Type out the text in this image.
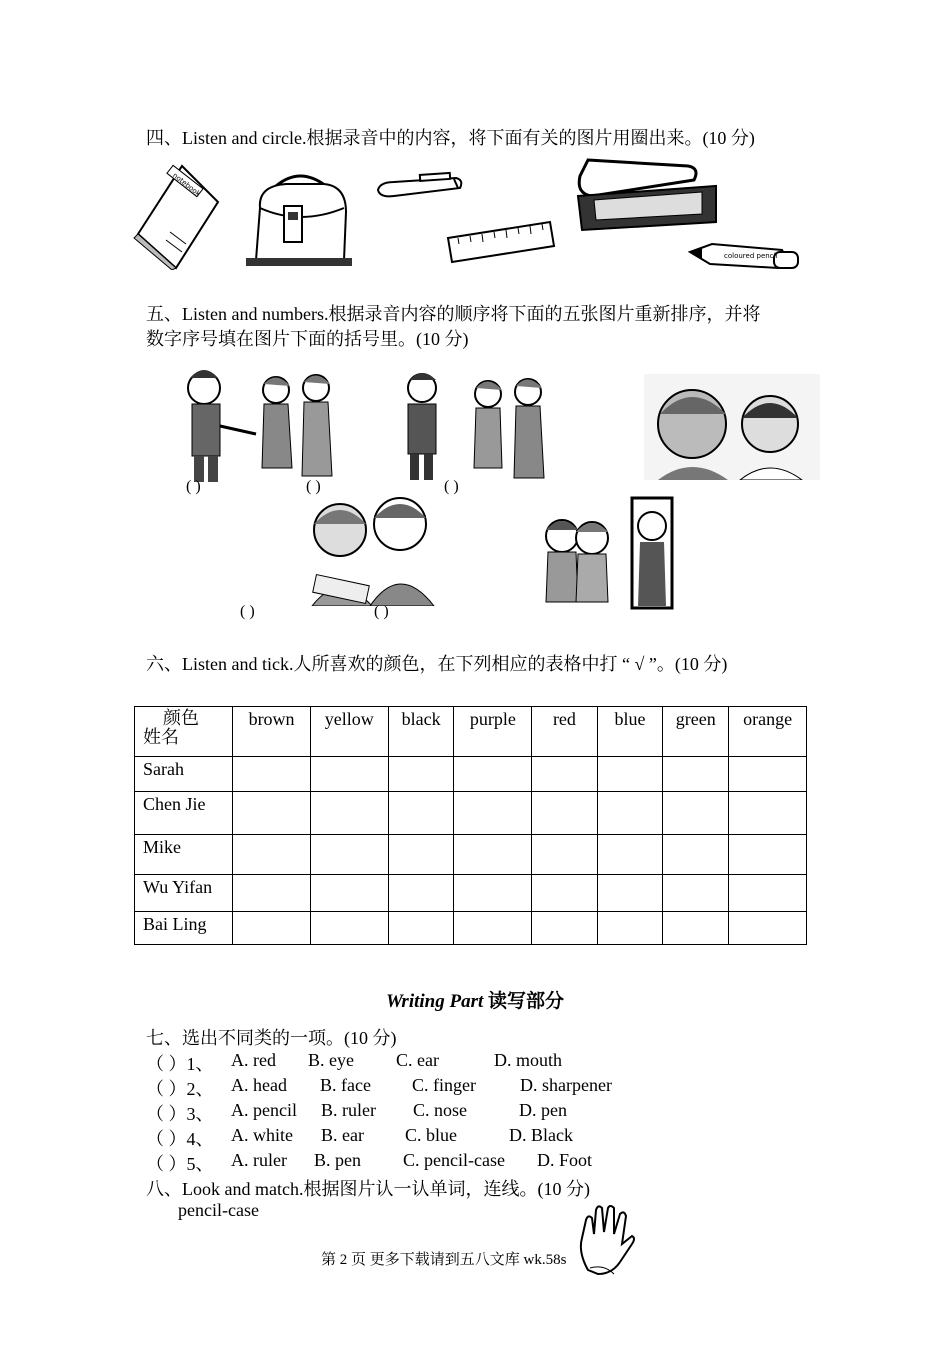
四、Listen and circle.根据录音中的内容，将下面有关的图片用圈出来。(10 分)
notebook
coloured pencil
五、Listen and numbers.根据录音内容的顺序将下面的五张图片重新排序，并将
数字序号填在图片下面的括号里。(10 分)
( )	( )	( )
( )	( )
六、Listen and tick.人所喜欢的颜色，在下列相应的表格中打 “ √ ”。(10 分)
颜色
姓名	brown	yellow	black	purple	red	blue	green	orange
Sarah								
Chen Jie								
Mike								
Wu Yifan								
Bai Ling								
Writing Part 读写部分
七、选出不同类的一项。(10 分)
（ ）1、 A. red B. eye C. ear	D. mouth
（ ）2、 A. head B. face C. finger D. sharpener
（ ）3、 A. pencil B. ruler C. nose	D. pen
（ ）4、 A. white B. ear C. blue	D. Black
（ ）5、 A. ruler B. pen C. pencil-case D. Foot
八、Look and match.根据图片认一认单词，连线。(10 分)
pencil-case
第 2 页 更多下载请到五八文库 wk.58s
